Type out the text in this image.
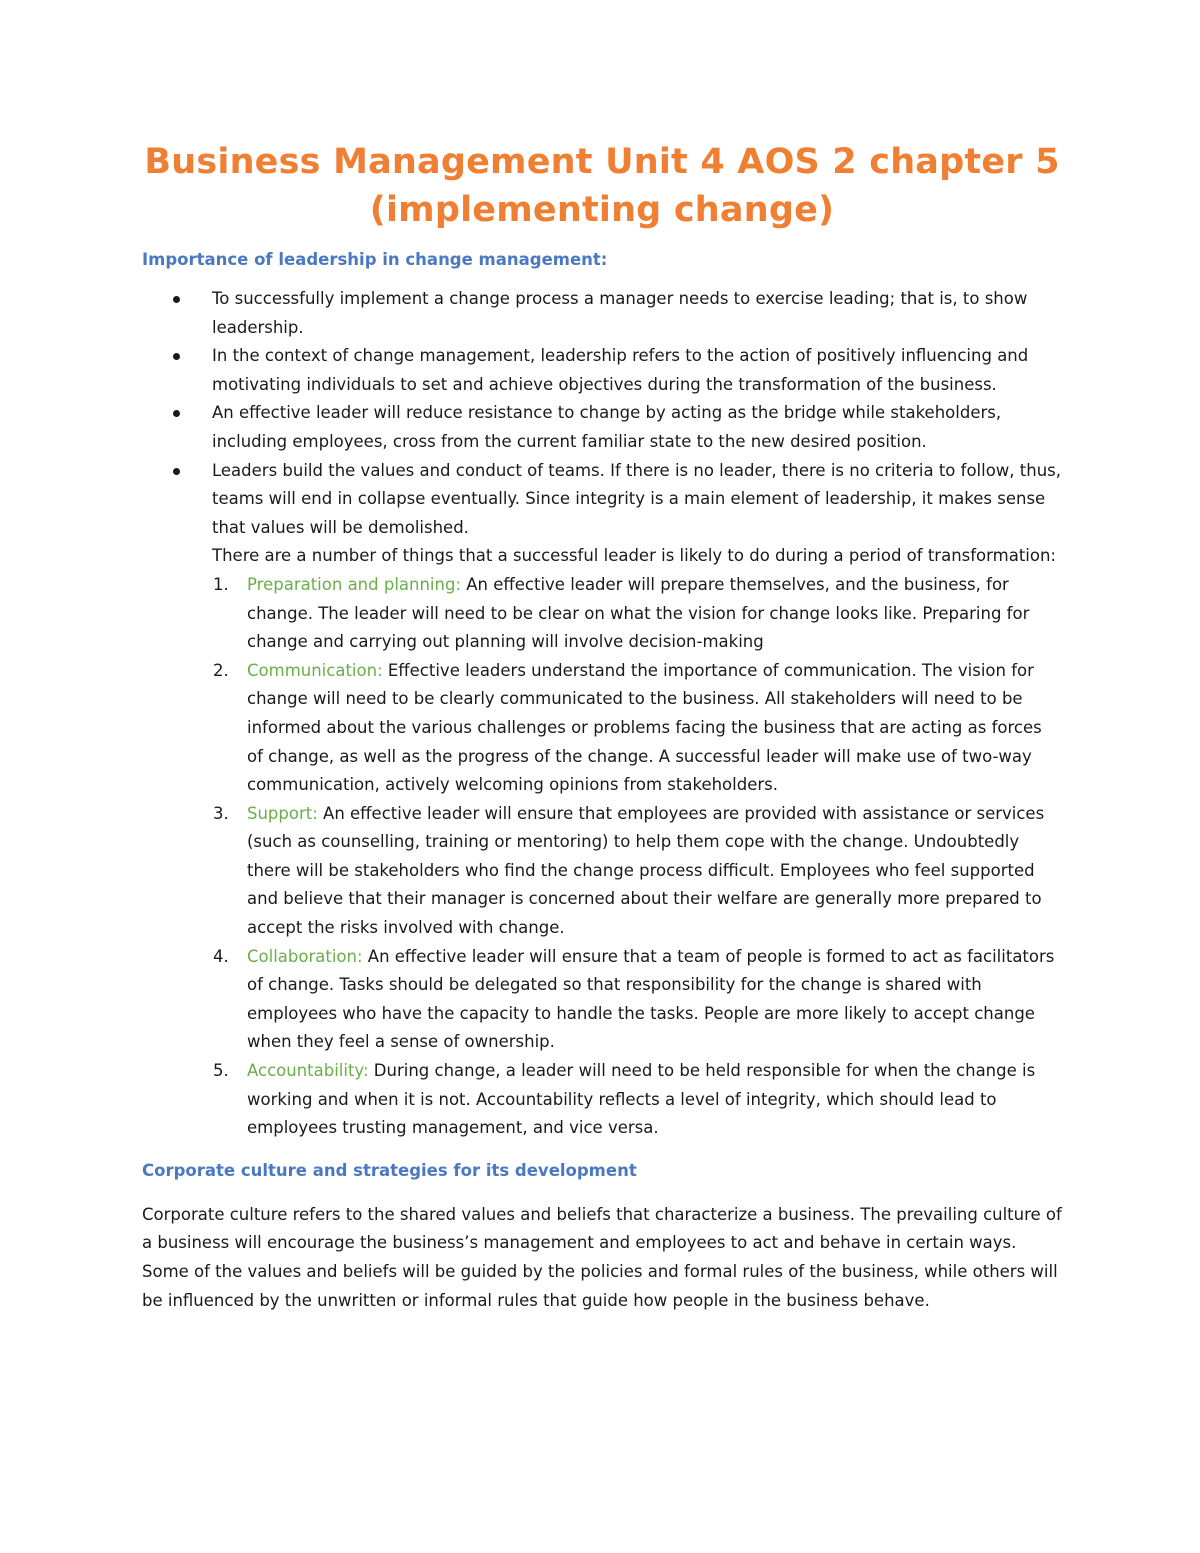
Business Management Unit 4 AOS 2 chapter 5 (implementing change)
Importance of leadership in change management:
To successfully implement a change process a manager needs to exercise leading; that is, to show leadership.
In the context of change management, leadership refers to the action of positively influencing and motivating individuals to set and achieve objectives during the transformation of the business.
An effective leader will reduce resistance to change by acting as the bridge while stakeholders, including employees, cross from the current familiar state to the new desired position.
Leaders build the values and conduct of teams. If there is no leader, there is no criteria to follow, thus, teams will end in collapse eventually. Since integrity is a main element of leadership, it makes sense that values will be demolished.
There are a number of things that a successful leader is likely to do during a period of transformation:
1. Preparation and planning: An effective leader will prepare themselves, and the business, for change. The leader will need to be clear on what the vision for change looks like. Preparing for change and carrying out planning will involve decision-making
2. Communication: Effective leaders understand the importance of communication. The vision for change will need to be clearly communicated to the business. All stakeholders will need to be informed about the various challenges or problems facing the business that are acting as forces of change, as well as the progress of the change. A successful leader will make use of two-way communication, actively welcoming opinions from stakeholders.
3. Support: An effective leader will ensure that employees are provided with assistance or services (such as counselling, training or mentoring) to help them cope with the change. Undoubtedly there will be stakeholders who find the change process difficult. Employees who feel supported and believe that their manager is concerned about their welfare are generally more prepared to accept the risks involved with change.
4. Collaboration: An effective leader will ensure that a team of people is formed to act as facilitators of change. Tasks should be delegated so that responsibility for the change is shared with employees who have the capacity to handle the tasks. People are more likely to accept change when they feel a sense of ownership.
5. Accountability: During change, a leader will need to be held responsible for when the change is working and when it is not. Accountability reflects a level of integrity, which should lead to employees trusting management, and vice versa.
Corporate culture and strategies for its development

Corporate culture refers to the shared values and beliefs that characterize a business. The prevailing culture of a business will encourage the business’s management and employees to act and behave in certain ways. Some of the values and beliefs will be guided by the policies and formal rules of the business, while others will be influenced by the unwritten or informal rules that guide how people in the business behave.
